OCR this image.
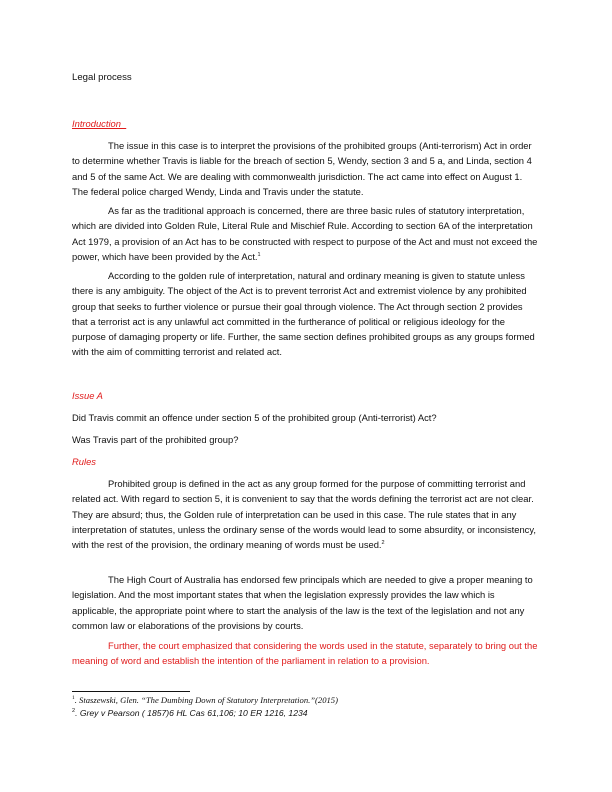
Legal process

Introduction

The issue in this case is to interpret the provisions of the prohibited groups (Anti-terrorism) Act in order to determine whether Travis is liable for the breach of section 5, Wendy, section 3 and 5 a, and Linda, section 4 and 5 of the same Act. We are dealing with commonwealth jurisdiction. The act came into effect on August 1. The federal police charged Wendy, Linda and Travis under the statute.

As far as the traditional approach is concerned, there are three basic rules of statutory interpretation, which are divided into Golden Rule, Literal Rule and Mischief Rule. According to section 6A of the interpretation Act 1979, a provision of an Act has to be constructed with respect to purpose of the Act and must not exceed the power, which have been provided by the Act.$^1$

According to the golden rule of interpretation, natural and ordinary meaning is given to statute unless there is any ambiguity. The object of the Act is to prevent terrorist Act and extremist violence by any prohibited group that seeks to further violence or pursue their goal through violence. The Act through section 2 provides that a terrorist act is any unlawful act committed in the furtherance of political or religious ideology for the purpose of damaging property or life. Further, the same section defines prohibited groups as any groups formed with the aim of committing terrorist and related act.

Issue A

Did Travis commit an offence under section 5 of the prohibited group (Anti-terrorist) Act?

Was Travis part of the prohibited group?

Rules

Prohibited group is defined in the act as any group formed for the purpose of committing terrorist and related act. With regard to section 5, it is convenient to say that the words defining the terrorist act are not clear. They are absurd; thus, the Golden rule of interpretation can be used in this case. The rule states that in any interpretation of statutes, unless the ordinary sense of the words would lead to some absurdity, or inconsistency, with the rest of the provision, the ordinary meaning of words must be used.$^2$

The High Court of Australia has endorsed few principals which are needed to give a proper meaning to legislation. And the most important states that when the legislation expressly provides the law which is applicable, the appropriate point where to start the analysis of the law is the text of the legislation and not any common law or elaborations of the provisions by courts.

Further, the court emphasized that considering the words used in the statute, separately to bring out the meaning of word and establish the intention of the parliament in relation to a provision.

$^1$. Staszewski, Glen. “The Dumbing Down of Statutory Interpretation.”(2015)

$^2$. Grey v Pearson ( 1857)6 HL Cas 61,106; 10 ER 1216, 1234
